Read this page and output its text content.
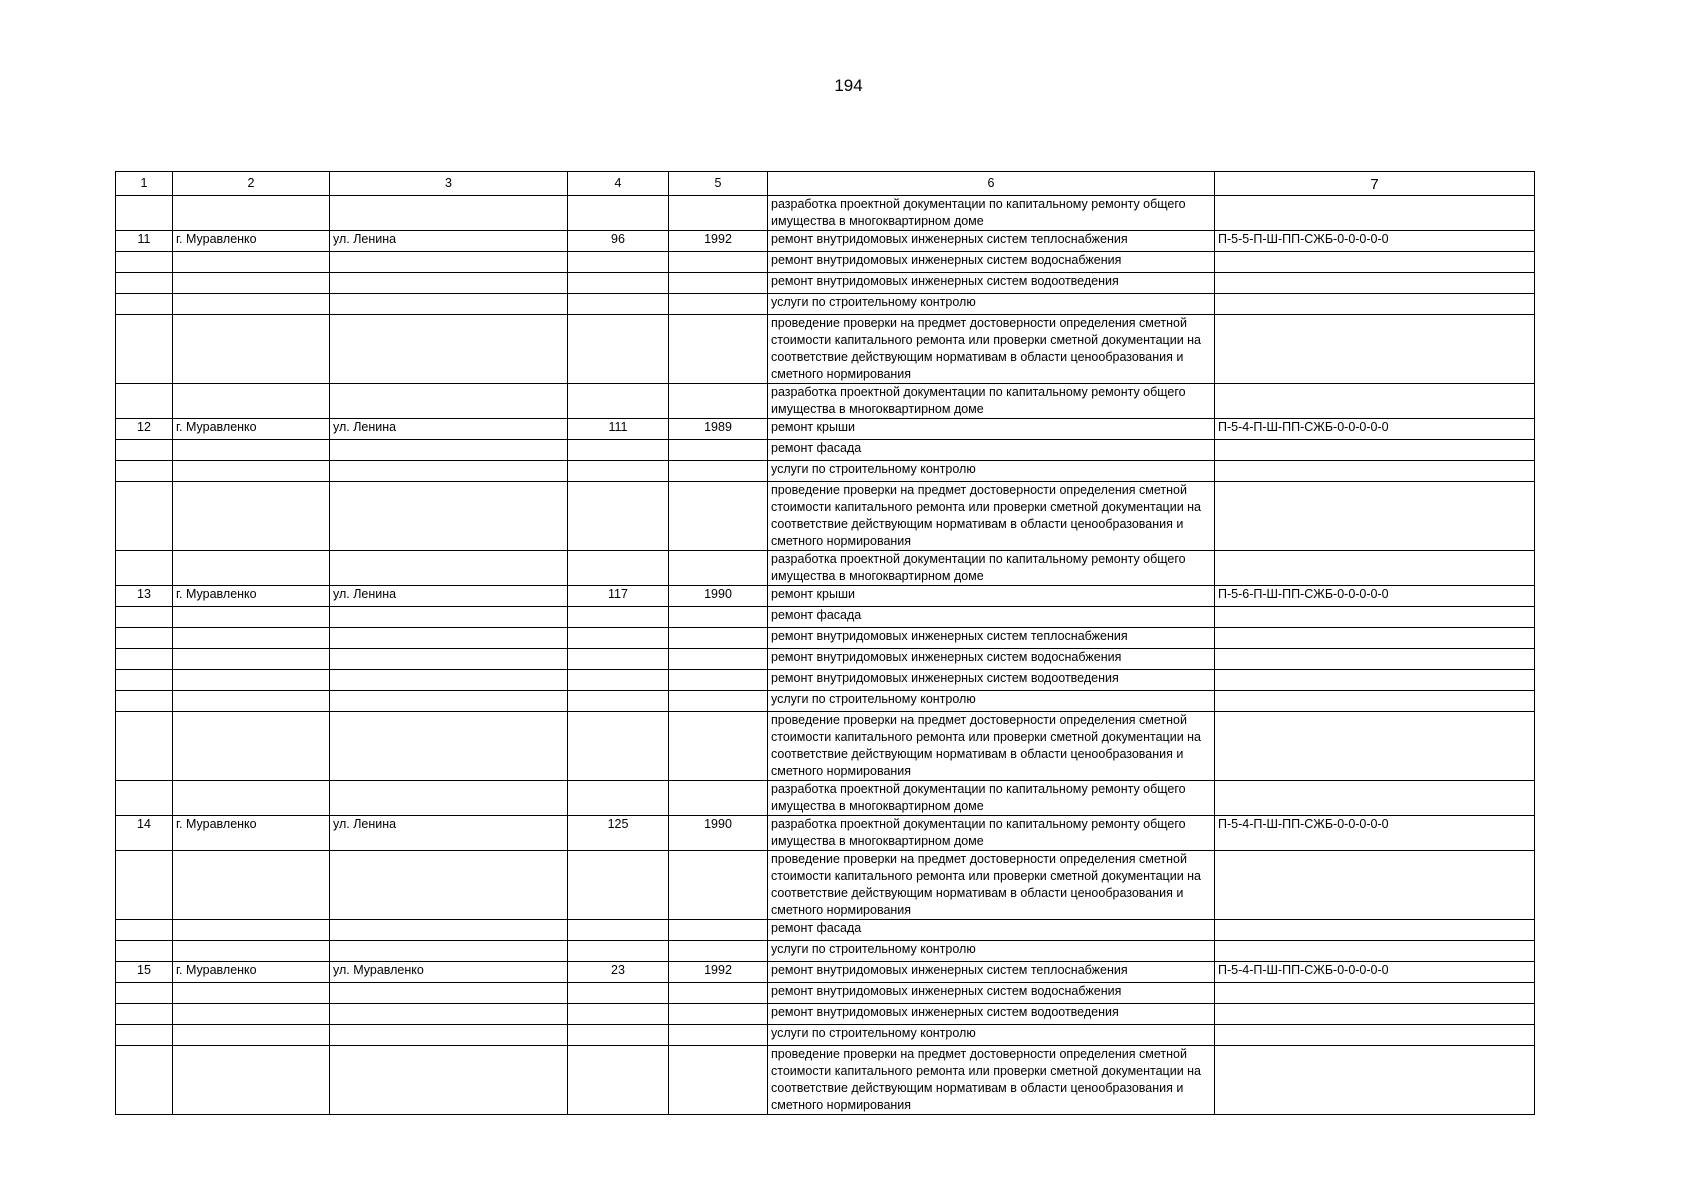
194
1	2	3	4	5	6	7
					разработка проектной документации по капитальному ремонту общего имущества в многоквартирном доме	
11	г. Муравленко	ул. Ленина	96	1992	ремонт внутридомовых инженерных систем теплоснабжения	П-5-5-П-Ш-ПП-СЖБ-0-0-0-0-0
					ремонт внутридомовых инженерных систем водоснабжения	
					ремонт внутридомовых инженерных систем водоотведения	
					услуги по строительному контролю	
					проведение проверки на предмет достоверности определения сметной стоимости капитального ремонта или проверки сметной документации на соответствие действующим нормативам в области ценообразования и сметного нормирования	
					разработка проектной документации по капитальному ремонту общего имущества в многоквартирном доме	
12	г. Муравленко	ул. Ленина	111	1989	ремонт крыши	П-5-4-П-Ш-ПП-СЖБ-0-0-0-0-0
					ремонт фасада	
					услуги по строительному контролю	
					проведение проверки на предмет достоверности определения сметной стоимости капитального ремонта или проверки сметной документации на соответствие действующим нормативам в области ценообразования и сметного нормирования	
					разработка проектной документации по капитальному ремонту общего имущества в многоквартирном доме	
13	г. Муравленко	ул. Ленина	117	1990	ремонт крыши	П-5-6-П-Ш-ПП-СЖБ-0-0-0-0-0
					ремонт фасада	
					ремонт внутридомовых инженерных систем теплоснабжения	
					ремонт внутридомовых инженерных систем водоснабжения	
					ремонт внутридомовых инженерных систем водоотведения	
					услуги по строительному контролю	
					проведение проверки на предмет достоверности определения сметной стоимости капитального ремонта или проверки сметной документации на соответствие действующим нормативам в области ценообразования и сметного нормирования	
					разработка проектной документации по капитальному ремонту общего имущества в многоквартирном доме	
14	г. Муравленко	ул. Ленина	125	1990	разработка проектной документации по капитальному ремонту общего имущества в многоквартирном доме	П-5-4-П-Ш-ПП-СЖБ-0-0-0-0-0
					проведение проверки на предмет достоверности определения сметной стоимости капитального ремонта или проверки сметной документации на соответствие действующим нормативам в области ценообразования и сметного нормирования	
					ремонт фасада	
					услуги по строительному контролю	
15	г. Муравленко	ул. Муравленко	23	1992	ремонт внутридомовых инженерных систем теплоснабжения	П-5-4-П-Ш-ПП-СЖБ-0-0-0-0-0
					ремонт внутридомовых инженерных систем водоснабжения	
					ремонт внутридомовых инженерных систем водоотведения	
					услуги по строительному контролю	
					проведение проверки на предмет достоверности определения сметной стоимости капитального ремонта или проверки сметной документации на соответствие действующим нормативам в области ценообразования и сметного нормирования	
